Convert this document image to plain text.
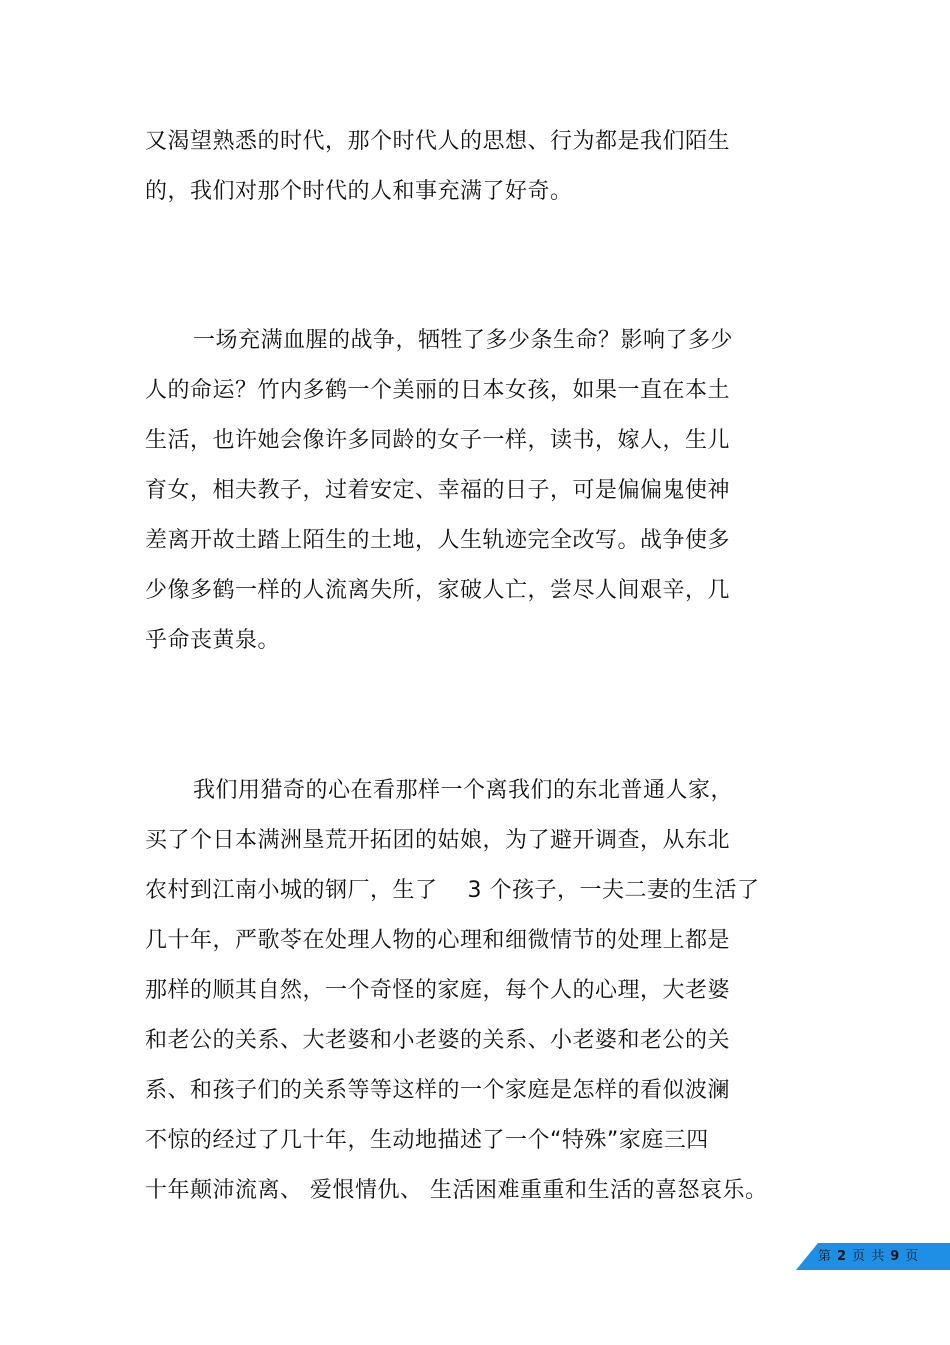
又渴望熟悉的时代，那个时代人的思想、行为都是我们陌生
的，我们对那个时代的人和事充满了好奇。
一场充满血腥的战争，牺牲了多少条生命？影响了多少
人的命运？竹内多鹤一个美丽的日本女孩，如果一直在本土
生活，也许她会像许多同龄的女子一样，读书，嫁人，生儿
育女，相夫教子，过着安定、幸福的日子，可是偏偏鬼使神
差离开故土踏上陌生的土地，人生轨迹完全改写。战争使多
少像多鹤一样的人流离失所，家破人亡，尝尽人间艰辛，几
乎命丧黄泉。
我们用猎奇的心在看那样一个离我们的东北普通人家，
买了个日本满洲垦荒开拓团的姑娘，为了避开调查，从东北
农村到江南小城的钢厂，生了　 3 个孩子，一夫二妻的生活了
几十年，严歌苓在处理人物的心理和细微情节的处理上都是
那样的顺其自然，一个奇怪的家庭，每个人的心理，大老婆
和老公的关系、大老婆和小老婆的关系、小老婆和老公的关
系、和孩子们的关系等等这样的一个家庭是怎样的看似波澜
不惊的经过了几十年，生动地描述了一个“特殊”家庭三四
十年颠沛流离、 爱恨情仇、 生活困难重重和生活的喜怒哀乐。
第 2 页 共 9 页
